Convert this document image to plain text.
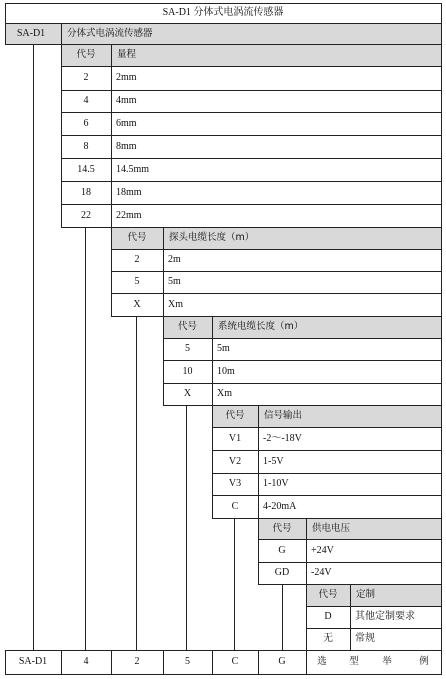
SA-D1 分体式电涡流传感器
SA-D1 分体式电涡流传感器
代号 量程
2	2mm
4	4mm
6	6mm
8	8mm
14.5 14.5mm
18	18mm
22	22mm
代号 探头电缆长度（m）
2	2m
5	5m
X	Xm
代号 系统电缆长度（m）
5	5m
10 10m
X	Xm
代号 信号输出
V1 -2～-18V
V2 1-5V
V3 1-10V
C 4-20mA
代号 供电电压
G	+24V
GD -24V
代号 定制
D 其他定制要求
无 常规
SA-D1	4	2	5	C	G	选 型 举	例
